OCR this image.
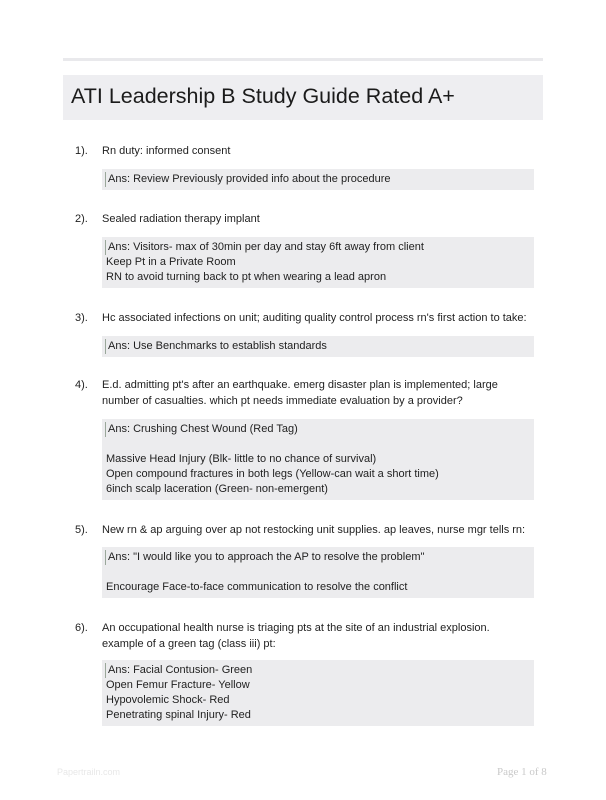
ATI Leadership B Study Guide Rated A+
1). Rn duty: informed consent
Ans: Review Previously provided info about the procedure
2). Sealed radiation therapy implant
Ans: Visitors- max of 30min per day and stay 6ft away from client
Keep Pt in a Private Room
RN to avoid turning back to pt when wearing a lead apron
3). Hc associated infections on unit; auditing quality control process rn's first action to take:
Ans: Use Benchmarks to establish standards
4). E.d. admitting pt's after an earthquake. emerg disaster plan is implemented; large number of casualties. which pt needs immediate evaluation by a provider?
Ans: Crushing Chest Wound (Red Tag)
Massive Head Injury (Blk- little to no chance of survival)
Open compound fractures in both legs (Yellow-can wait a short time)
6inch scalp laceration (Green- non-emergent)
5). New rn & ap arguing over ap not restocking unit supplies. ap leaves, nurse mgr tells rn:
Ans: "I would like you to approach the AP to resolve the problem"
Encourage Face-to-face communication to resolve the conflict
6). An occupational health nurse is triaging pts at the site of an industrial explosion. example of a green tag (class iii) pt:
Ans: Facial Contusion- Green
Open Femur Fracture- Yellow
Hypovolemic Shock- Red
Penetrating spinal Injury- Red
Papertrailn.com	Page 1 of 8
